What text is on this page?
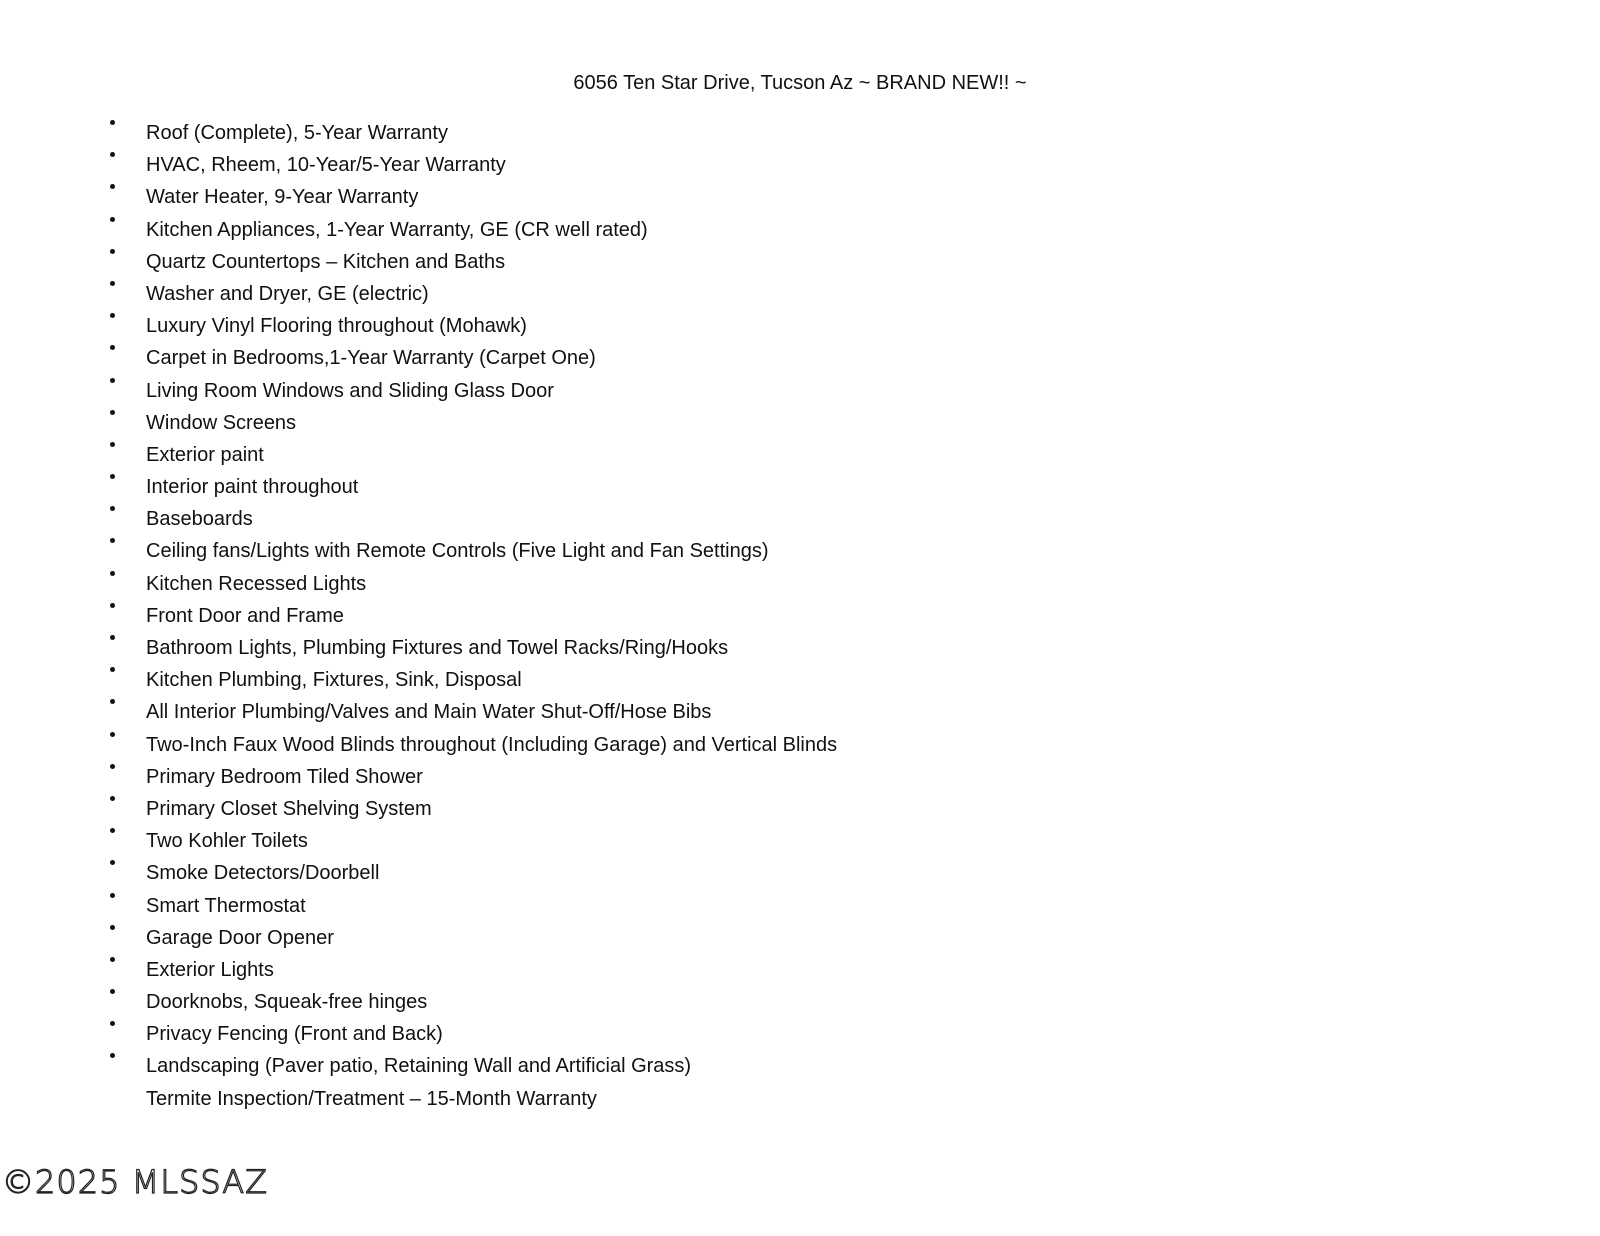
6056 Ten Star Drive, Tucson Az ~ BRAND NEW!! ~
Roof (Complete), 5-Year Warranty
HVAC, Rheem, 10-Year/5-Year Warranty
Water Heater, 9-Year Warranty
Kitchen Appliances, 1-Year Warranty, GE (CR well rated)
Quartz Countertops – Kitchen and Baths
Washer and Dryer, GE (electric)
Luxury Vinyl Flooring throughout (Mohawk)
Carpet in Bedrooms,1-Year Warranty (Carpet One)
Living Room Windows and Sliding Glass Door
Window Screens
Exterior paint
Interior paint throughout
Baseboards
Ceiling fans/Lights with Remote Controls (Five Light and Fan Settings)
Kitchen Recessed Lights
Front Door and Frame
Bathroom Lights, Plumbing Fixtures and Towel Racks/Ring/Hooks
Kitchen Plumbing, Fixtures, Sink, Disposal
All Interior Plumbing/Valves and Main Water Shut-Off/Hose Bibs
Two-Inch Faux Wood Blinds throughout (Including Garage) and Vertical Blinds
Primary Bedroom Tiled Shower
Primary Closet Shelving System
Two Kohler Toilets
Smoke Detectors/Doorbell
Smart Thermostat
Garage Door Opener
Exterior Lights
Doorknobs, Squeak-free hinges
Privacy Fencing (Front and Back)
Landscaping (Paver patio, Retaining Wall and Artificial Grass)
Termite Inspection/Treatment – 15-Month Warranty
©2025 MLSSAZ
